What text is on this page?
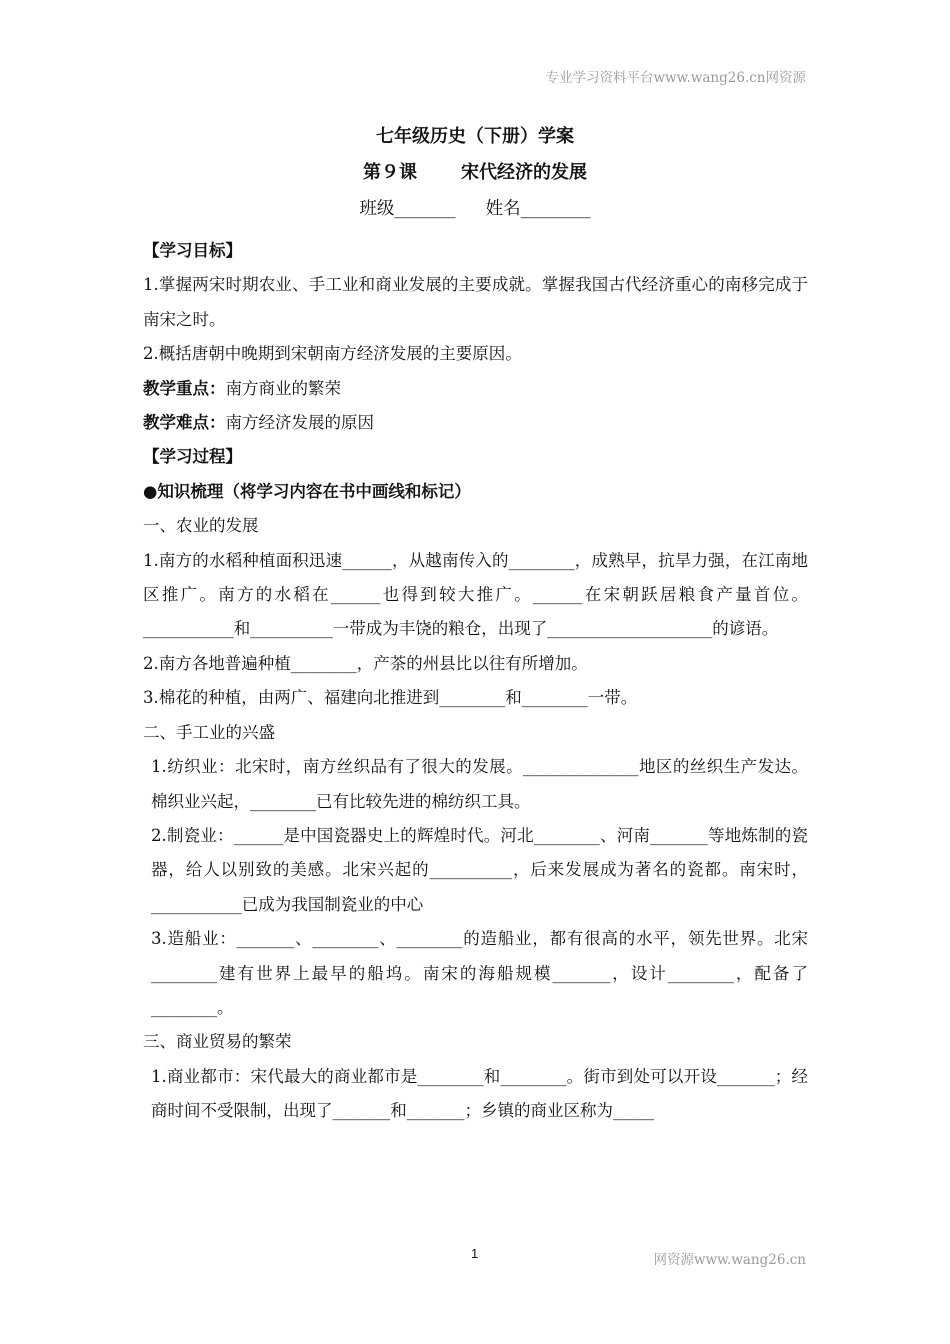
专业学习资料平台www.wang26.cn网资源
七年级历史（下册）学案
第９课 宋代经济的发展
班级_______ 姓名________

【学习目标】

1.掌握两宋时期农业、手工业和商业发展的主要成就。掌握我国古代经济重心的南移完成于南宋之时。

2.概括唐朝中晚期到宋朝南方经济发展的主要原因。

教学重点：南方商业的繁荣

教学难点：南方经济发展的原因

【学习过程】

●知识梳理（将学习内容在书中画线和标记）

一、农业的发展

1.南方的水稻种植面积迅速______，从越南传入的________，成熟早，抗旱力强，在江南地区推广。南方的水稻在______也得到较大推广。______在宋朝跃居粮食产量首位。___________和__________一带成为丰饶的粮仓，出现了____________________的谚语。

2.南方各地普遍种植________，产茶的州县比以往有所增加。

3.棉花的种植，由两广、福建向北推进到________和________一带。

二、手工业的兴盛

1.纺织业：北宋时，南方丝织品有了很大的发展。______________地区的丝织生产发达。棉织业兴起，________已有比较先进的棉纺织工具。

2.制瓷业：______是中国瓷器史上的辉煌时代。河北________、河南_______等地炼制的瓷器，给人以别致的美感。北宋兴起的__________，后来发展成为著名的瓷都。南宋时，___________已成为我国制瓷业的中心

3.造船业：_______、________、________的造船业，都有很高的水平，领先世界。北宋________建有世界上最早的船坞。南宋的海船规模_______，设计________，配备了________。

三、商业贸易的繁荣

1.商业都市：宋代最大的商业都市是________和________。街市到处可以开设_______；经商时间不受限制，出现了_______和_______；乡镇的商业区称为_____

1	网资源www.wang26.cn
